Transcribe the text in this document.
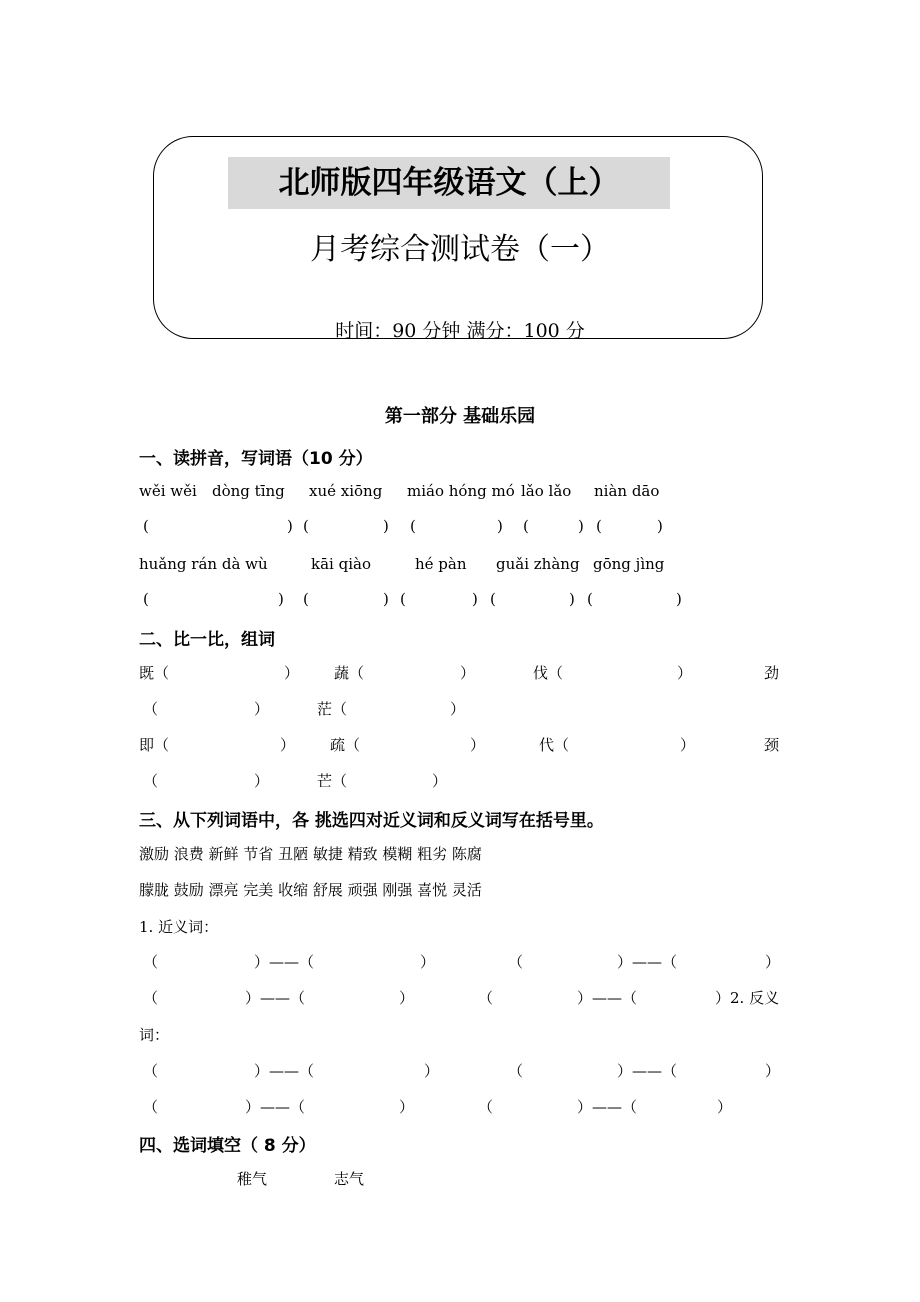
北师版四年级语文（上）
月考综合测试卷（一）
时间：90 分钟 满分：100 分
第一部分 基础乐园
一、读拼音，写词语（10 分）
wěi wěi dòng tīng xué xiōng miáo hóng mó lǎo lǎo niàn dāo
(	) (	) (	) (	) (	)
huǎng rán dà wù	kāi qiào	hé pàn guǎi zhàng gōng jìng
(	) (	) (	) (	) (	)
二、比一比，组词
既（	） 蔬（	）	伐（	）	劲
（	）	茫（	）
即（	） 疏（	）	代（	）	颈
（	）	芒（	）
三、从下列词语中，各 挑选四对近义词和反义词写在括号里。
激励 浪费 新鲜 节省 丑陋 敏捷 精致 模糊 粗劣 陈腐
朦胧 鼓励 漂亮 完美 收缩 舒展 顽强 刚强 喜悦 灵活
1. 近义词：
（	）——（	）	（	）——（	）
（	）——（	）	（	）——（	）2. 反义
词：
（	）——（	）	（	）——（	）
（	）——（	）	（	）——（	）
四、选词填空（ 8 分）
稚气	志气
